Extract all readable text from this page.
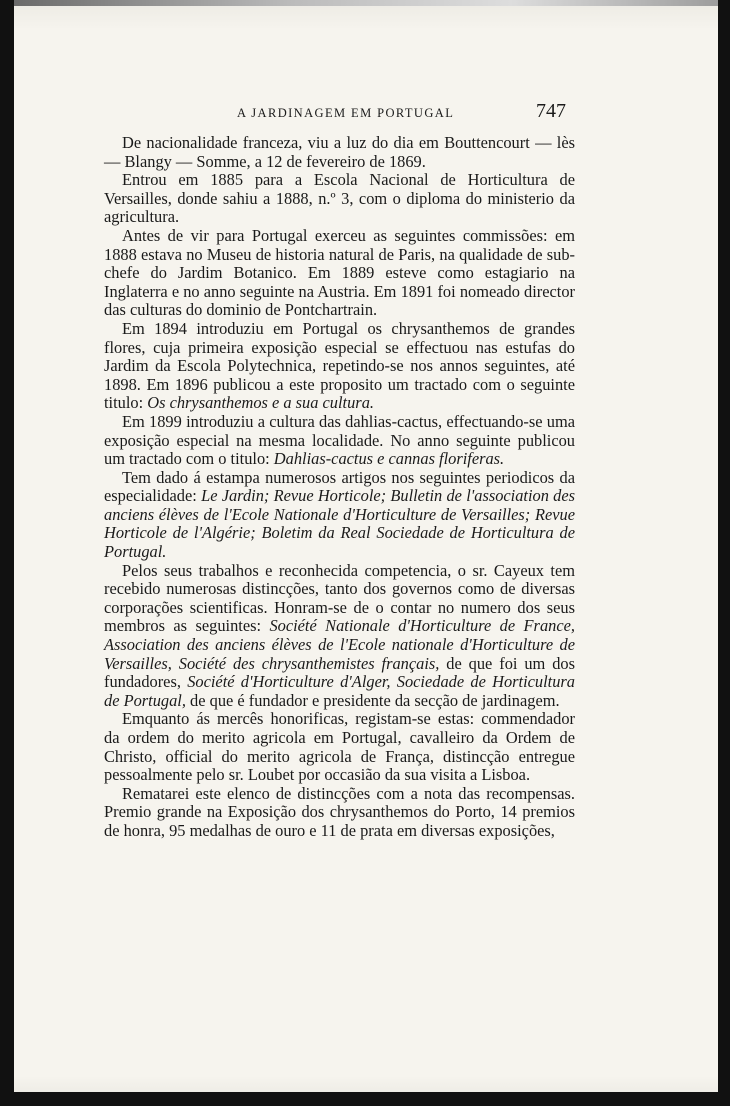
A JARDINAGEM EM PORTUGAL	747

De nacionalidade franceza, viu a luz do dia em Bouttencourt — lès — Blangy — Somme, a 12 de fevereiro de 1869.

Entrou em 1885 para a Escola Nacional de Horticultura de Versailles, donde sahiu a 1888, n.º 3, com o diploma do ministerio da agricultura.

Antes de vir para Portugal exerceu as seguintes commissões: em 1888 estava no Museu de historia natural de Paris, na qualidade de sub-chefe do Jardim Botanico. Em 1889 esteve como estagiario na Inglaterra e no anno seguinte na Austria. Em 1891 foi nomeado director das culturas do dominio de Pontchartrain.

Em 1894 introduziu em Portugal os chrysanthemos de grandes flores, cuja primeira exposição especial se effectuou nas estufas do Jardim da Escola Polytechnica, repetindo-se nos annos seguintes, até 1898. Em 1896 publicou a este proposito um tractado com o seguinte titulo: Os chrysanthemos e a sua cultura.

Em 1899 introduziu a cultura das dahlias-cactus, effectuando-se uma exposição especial na mesma localidade. No anno seguinte publicou um tractado com o titulo: Dahlias-cactus e cannas floriferas.

Tem dado á estampa numerosos artigos nos seguintes periodicos da especialidade: Le Jardin; Revue Horticole; Bulletin de l'association des anciens élèves de l'Ecole Nationale d'Horticulture de Versailles; Revue Horticole de l'Algérie; Boletim da Real Sociedade de Horticultura de Portugal.

Pelos seus trabalhos e reconhecida competencia, o sr. Cayeux tem recebido numerosas distincções, tanto dos governos como de diversas corporações scientificas. Honram-se de o contar no numero dos seus membros as seguintes: Société Nationale d'Horticulture de France, Association des anciens élèves de l'Ecole nationale d'Horticulture de Versailles, Société des chrysanthemistes français, de que foi um dos fundadores, Société d'Horticulture d'Alger, Sociedade de Horticultura de Portugal, de que é fundador e presidente da secção de jardinagem.

Emquanto ás mercês honorificas, registam-se estas: commendador da ordem do merito agricola em Portugal, cavalleiro da Ordem de Christo, official do merito agricola de França, distincção entregue pessoalmente pelo sr. Loubet por occasião da sua visita a Lisboa.

Rematarei este elenco de distincções com a nota das recompensas. Premio grande na Exposição dos chrysanthemos do Porto, 14 premios de honra, 95 medalhas de ouro e 11 de prata em diversas exposições,
